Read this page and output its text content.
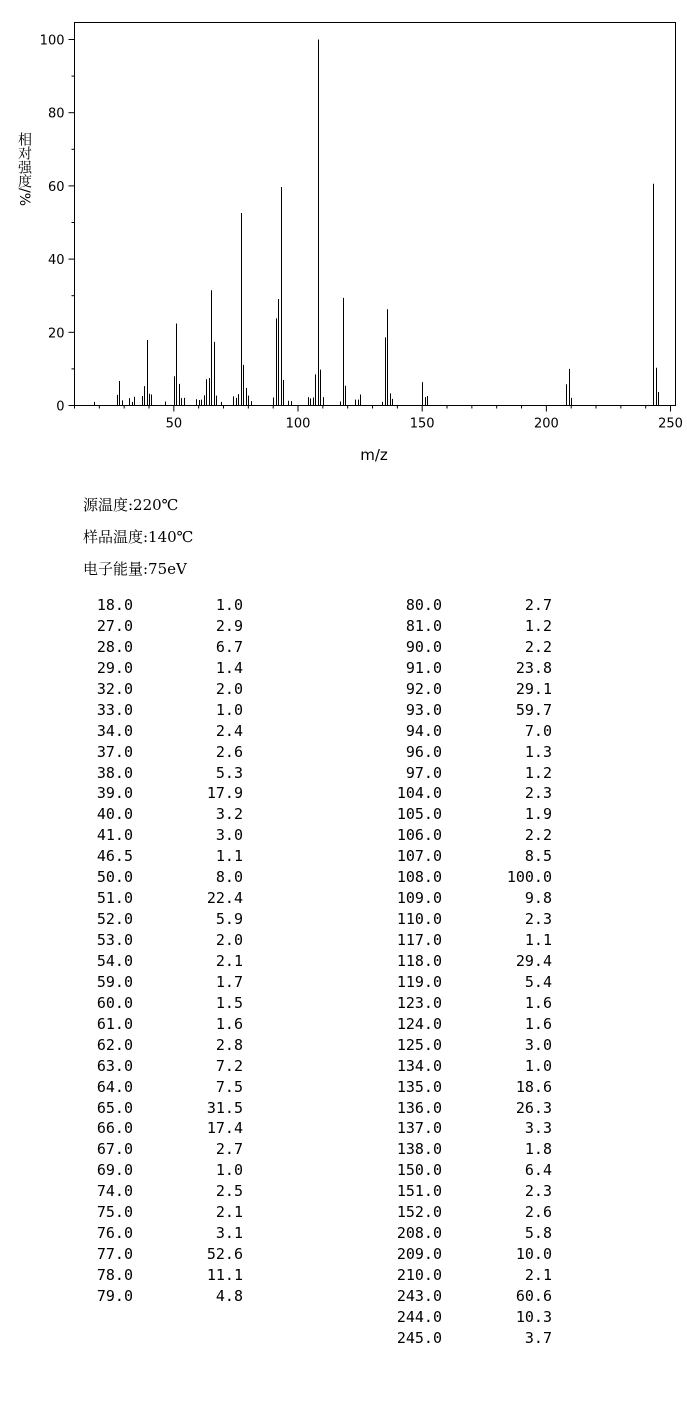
0
20
40
60
80
100
50	100	150	200	250
m/z
相对强度/%
源温度:220℃
样品温度:140℃
电子能量:75eV
18.0	1.0
27.0	2.9
28.0	6.7
29.0	1.4
32.0	2.0
33.0	1.0
34.0	2.4
37.0	2.6
38.0	5.3
39.0	17.9
40.0	3.2
41.0	3.0
46.5	1.1
50.0	8.0
51.0	22.4
52.0	5.9
53.0	2.0
54.0	2.1
59.0	1.7
60.0	1.5
61.0	1.6
62.0	2.8
63.0	7.2
64.0	7.5
65.0	31.5
66.0	17.4
67.0	2.7
69.0	1.0
74.0	2.5
75.0	2.1
76.0	3.1
77.0	52.6
78.0	11.1
79.0	4.8
80.0	2.7
81.0	1.2
90.0	2.2
91.0	23.8
92.0	29.1
93.0	59.7
94.0	7.0
96.0	1.3
97.0	1.2
104.0	2.3
105.0	1.9
106.0	2.2
107.0	8.5
108.0	100.0
109.0	9.8
110.0	2.3
117.0	1.1
118.0	29.4
119.0	5.4
123.0	1.6
124.0	1.6
125.0	3.0
134.0	1.0
135.0	18.6
136.0	26.3
137.0	3.3
138.0	1.8
150.0	6.4
151.0	2.3
152.0	2.6
208.0	5.8
209.0	10.0
210.0	2.1
243.0	60.6
244.0	10.3
245.0	3.7
